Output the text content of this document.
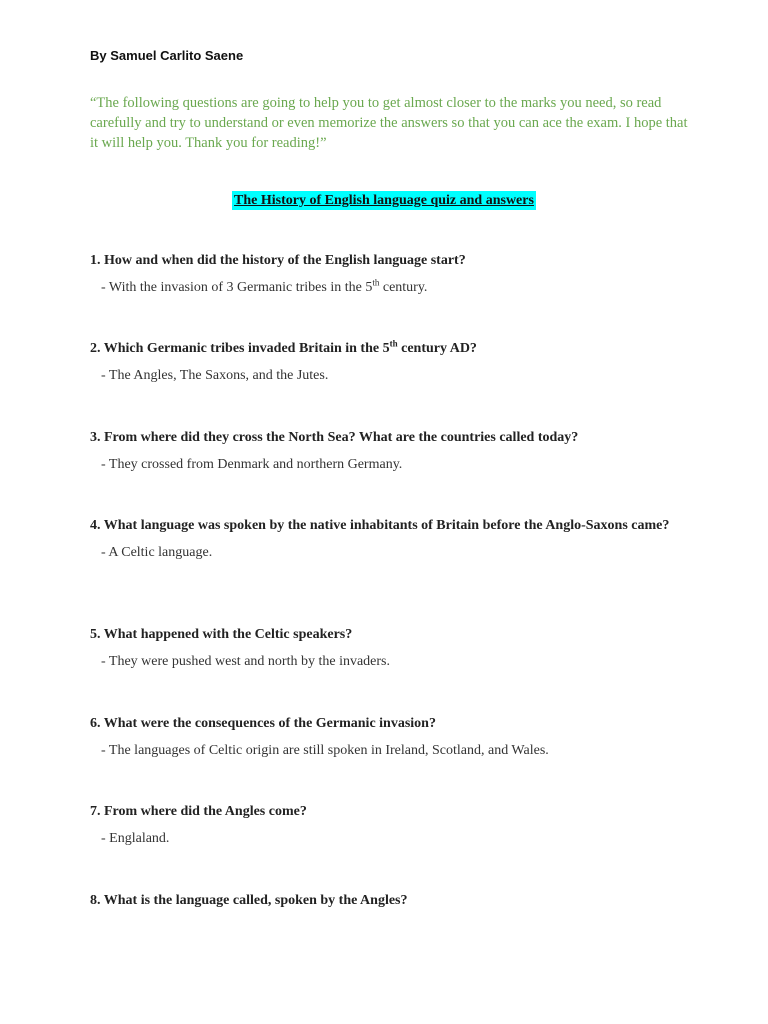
By Samuel Carlito Saene

“The following questions are going to help you to get almost closer to the marks you need, so read carefully and try to understand or even memorize the answers so that you can ace the exam. I hope that it will help you. Thank you for reading!”

The History of English language quiz and answers

1. How and when did the history of the English language start?

- With the invasion of 3 Germanic tribes in the 5th century.

2. Which Germanic tribes invaded Britain in the 5th century AD?

- The Angles, The Saxons, and the Jutes.

3. From where did they cross the North Sea? What are the countries called today?

- They crossed from Denmark and northern Germany.

4. What language was spoken by the native inhabitants of Britain before the Anglo-Saxons came?

- A Celtic language.

5. What happened with the Celtic speakers?

- They were pushed west and north by the invaders.

6. What were the consequences of the Germanic invasion?

- The languages of Celtic origin are still spoken in Ireland, Scotland, and Wales.

7. From where did the Angles come?

- Englaland.

8. What is the language called, spoken by the Angles?
